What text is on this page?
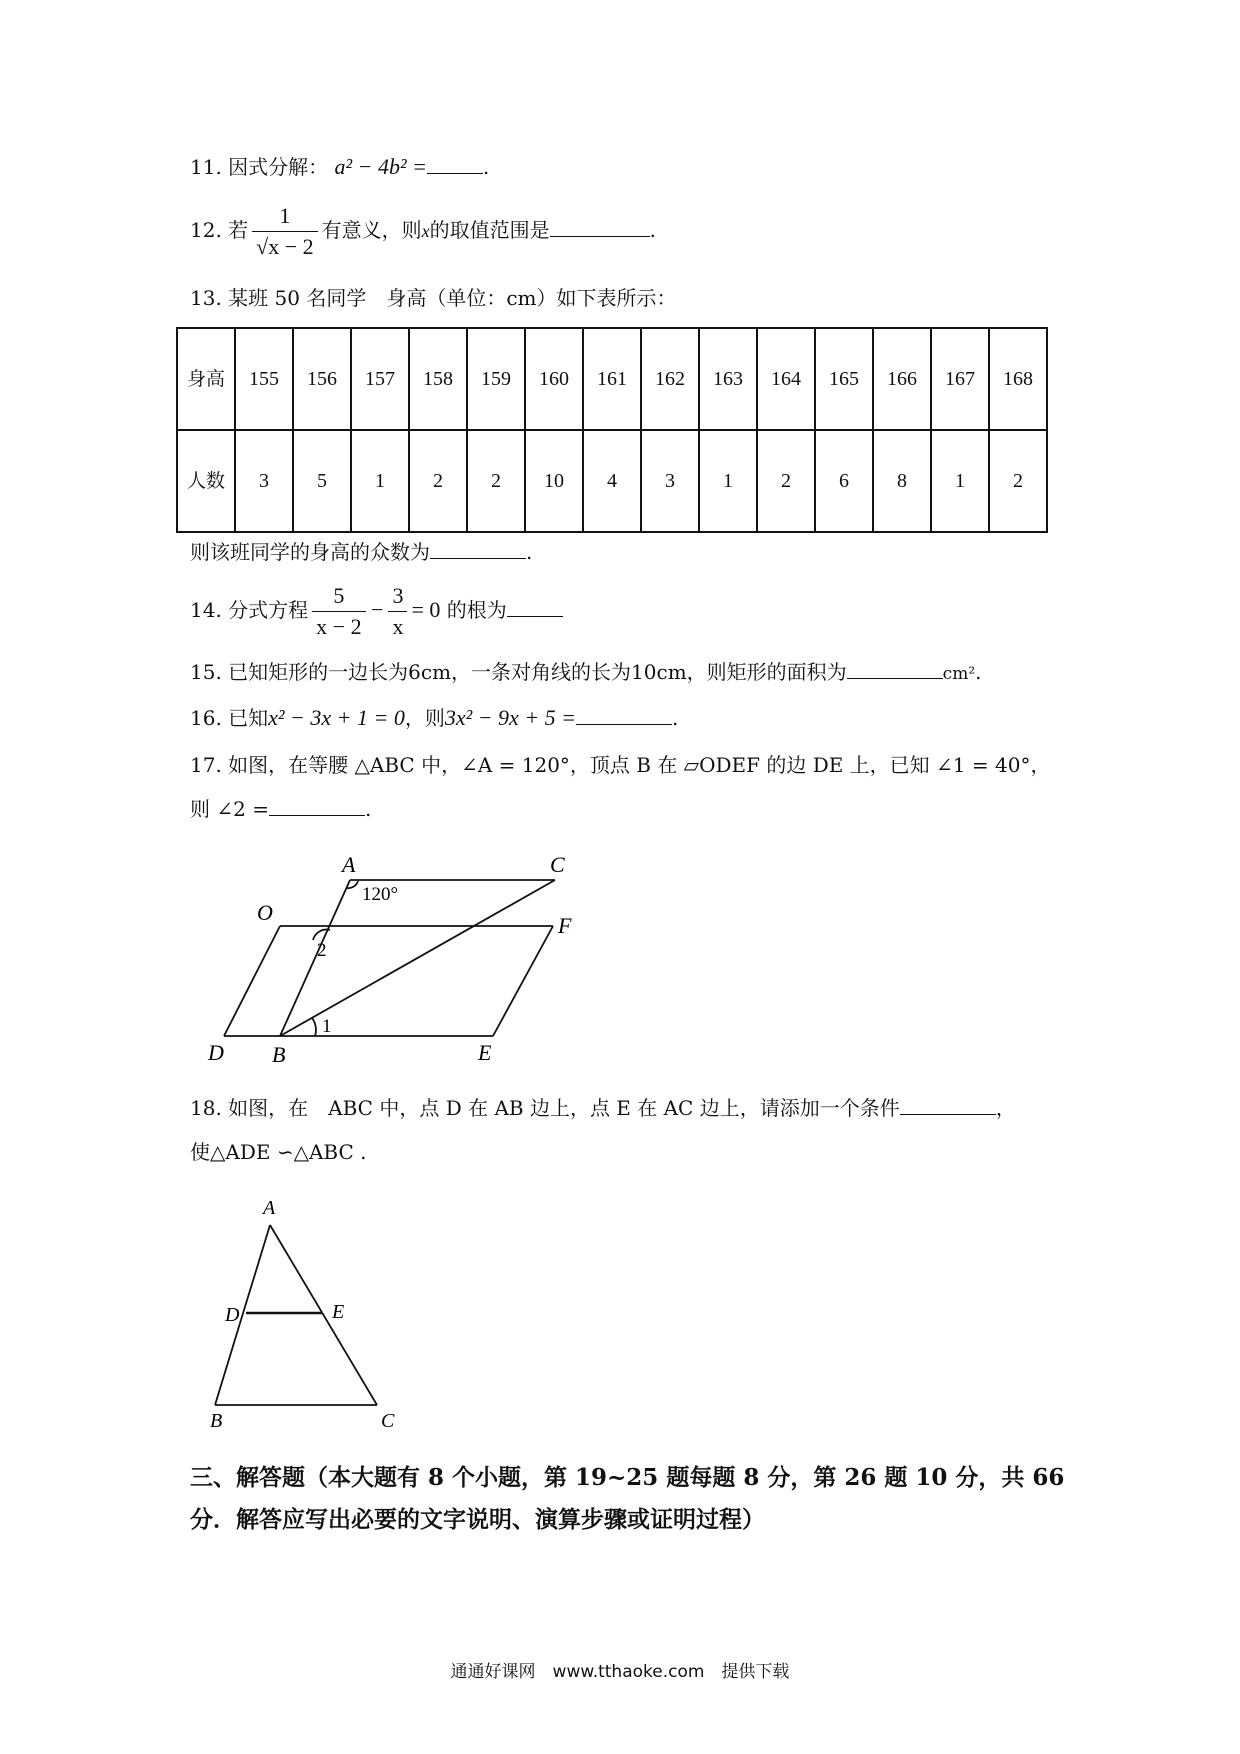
11. 因式分解： a² − 4b² =	.
12. 若 $\frac{1}{√x - 2}$ 有意义，则x的取值范围是	.
13. 某班 50 名同学　身高（单位：cm）如下表所示：
身高	155	156	157	158	159	160	161	162	163	164	165	166	167	168
人数	3	5	1	2	2	10	4	3	1	2	6	8	1	2
则该班同学的身高的众数为	.
14. 分式方程 $\frac{5}{x - 2} - \frac{3}{x} = 0$ 的根为
15. 已知矩形的一边长为6cm，一条对角线的长为10cm，则矩形的面积为	cm².
16. 已知x² − 3x + 1 = 0，则3x² − 9x + 5 =	.
17. 如图，在等腰 △ABC 中，∠A = 120°，顶点 B 在 ▱ODEF 的边 DE 上，已知 ∠1 = 40°，
则 ∠2 =	.
A	C
O
F
D B	E
120°
2
1
18. 如图，在　ABC 中，点 D 在 AB 边上，点 E 在 AC 边上，请添加一个条件	，
使△ADE ∽△ABC .
A
D	E
B	C
三、解答题（本大题有 8 个小题，第 19~25 题每题 8 分，第 26 题 10 分，共 66 分．解答应写出必要的文字说明、演算步骤或证明过程）
通通好课网　www.tthaoke.com　提供下载
